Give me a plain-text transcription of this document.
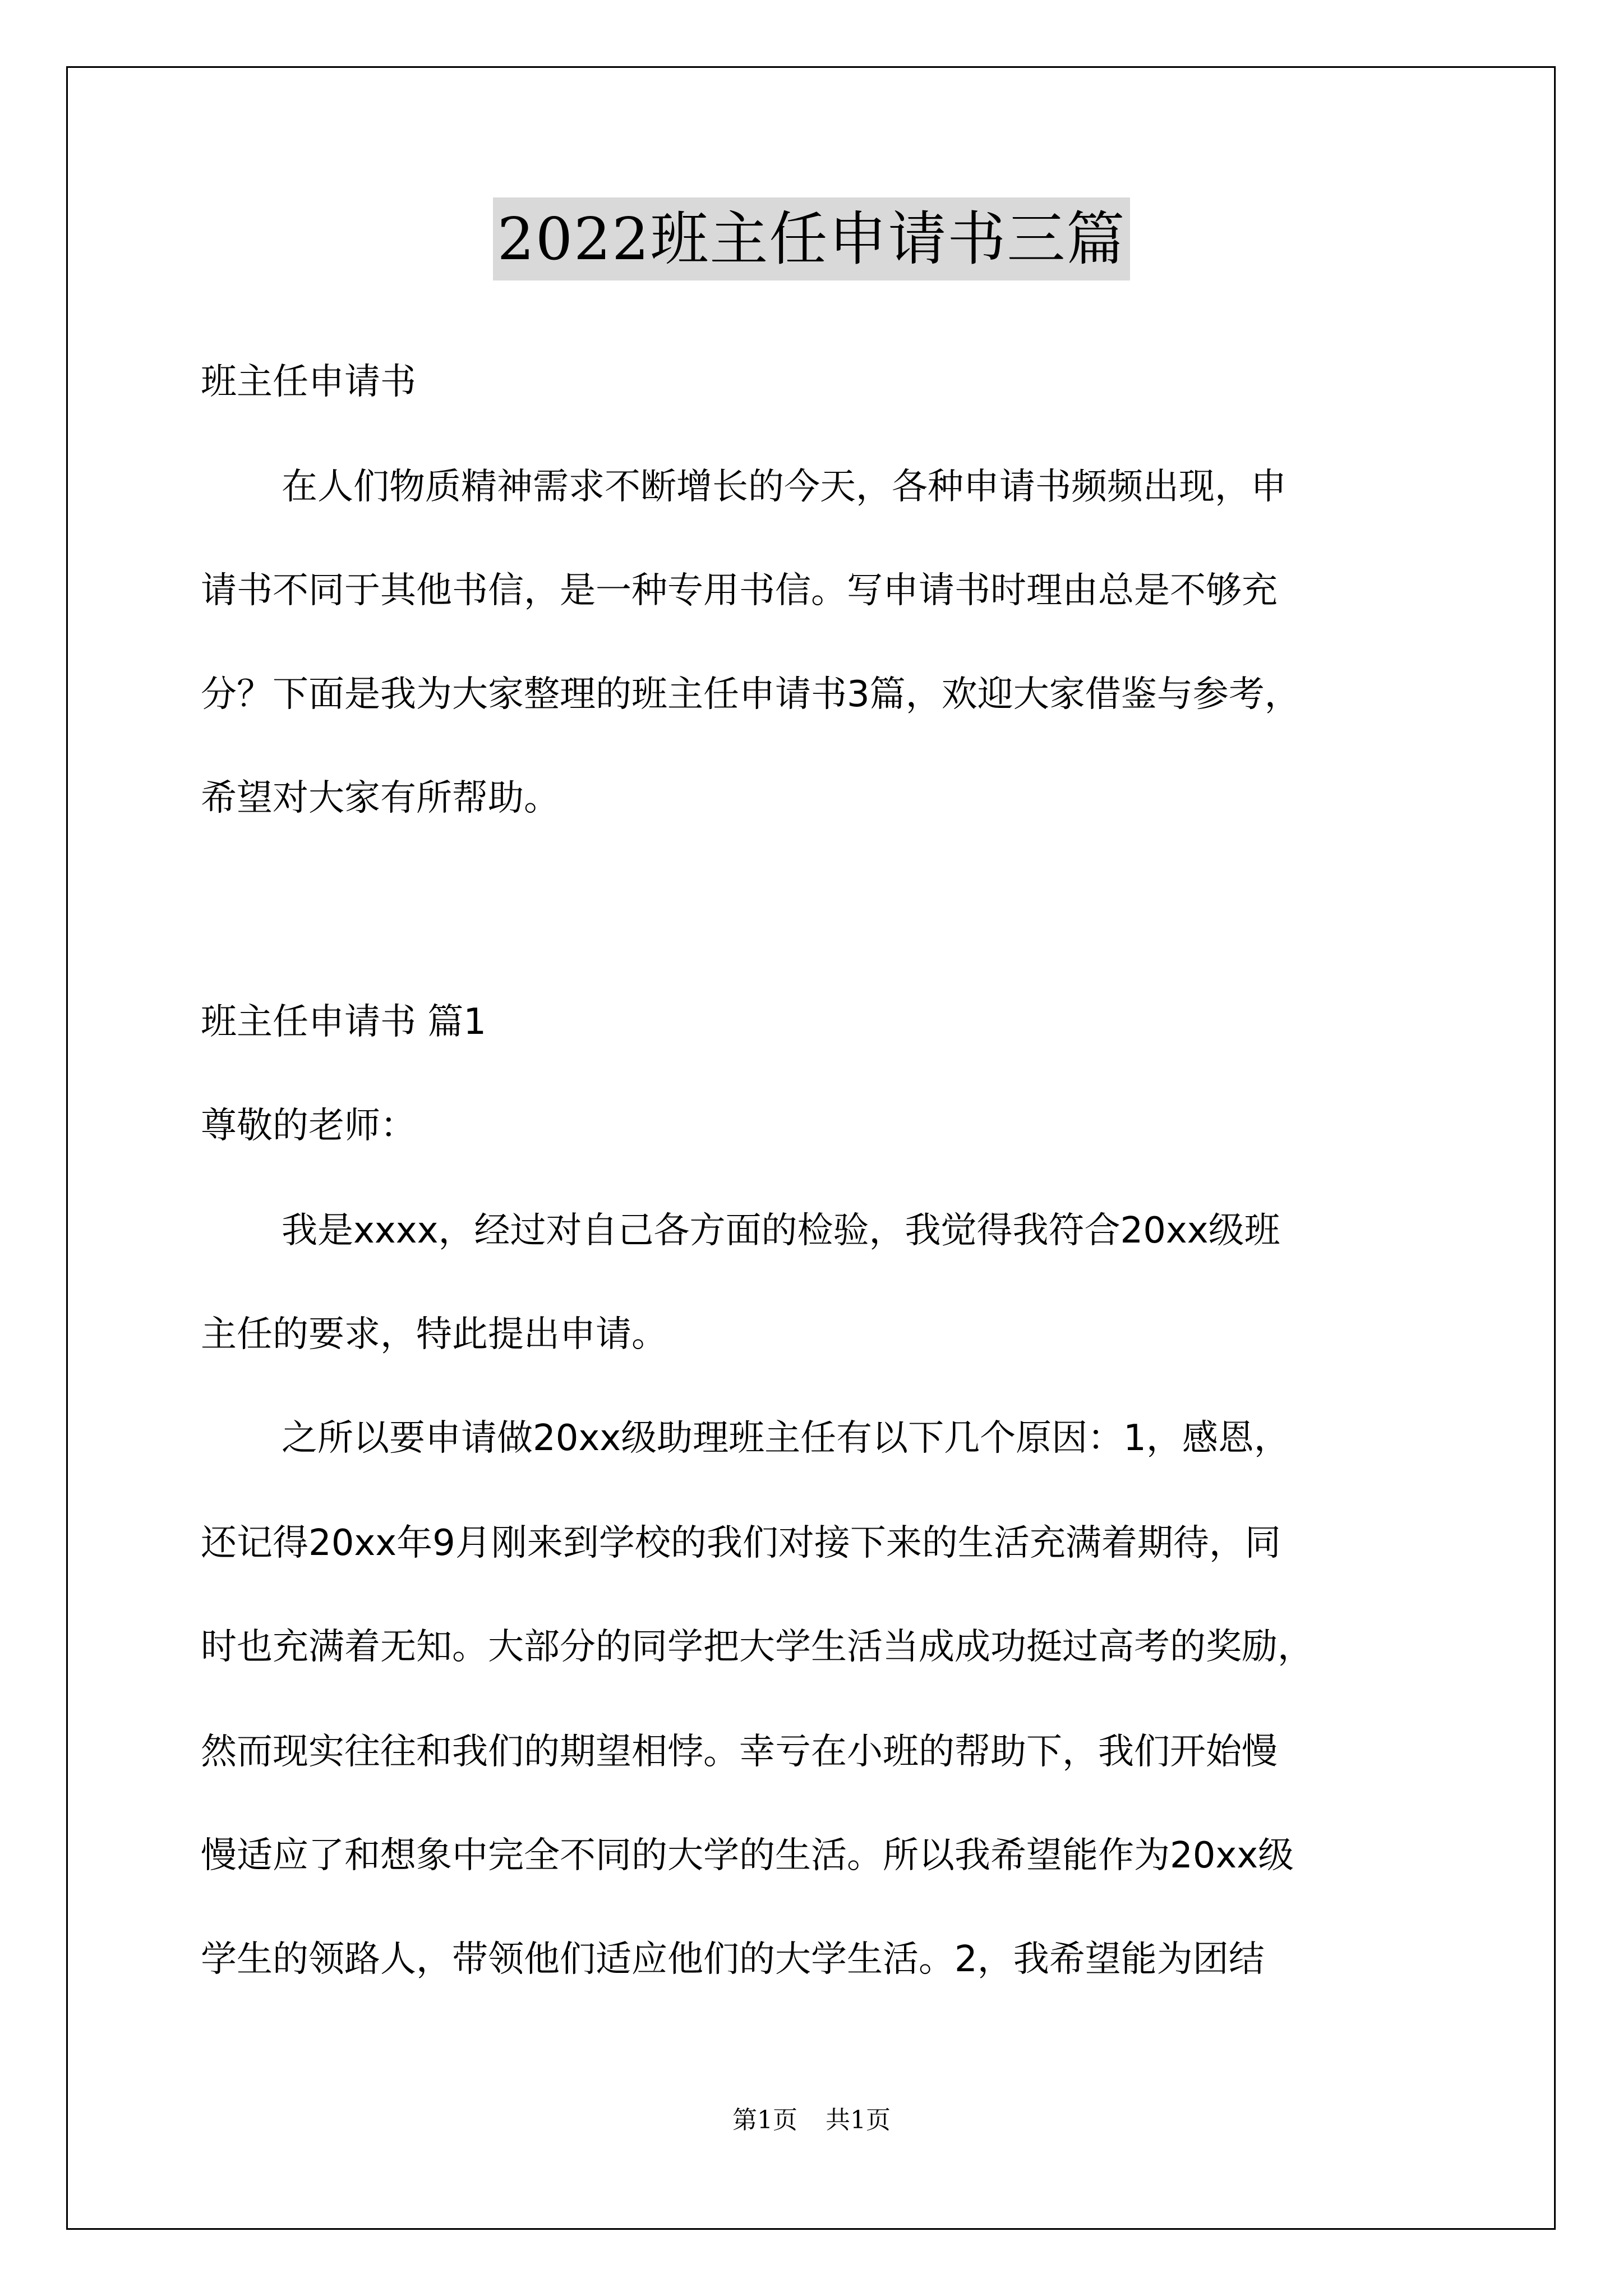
2022班主任申请书三篇

班主任申请书

在人们物质精神需求不断增长的今天，各种申请书频频出现，申

请书不同于其他书信，是一种专用书信。写申请书时理由总是不够充

分？下面是我为大家整理的班主任申请书3篇，欢迎大家借鉴与参考，

希望对大家有所帮助。

班主任申请书 篇1

尊敬的老师：

我是xxxx，经过对自己各方面的检验，我觉得我符合20xx级班

主任的要求，特此提出申请。

之所以要申请做20xx级助理班主任有以下几个原因：1，感恩，

还记得20xx年9月刚来到学校的我们对接下来的生活充满着期待，同

时也充满着无知。大部分的同学把大学生活当成成功挺过高考的奖励，

然而现实往往和我们的期望相悖。幸亏在小班的帮助下，我们开始慢

慢适应了和想象中完全不同的大学的生活。所以我希望能作为20xx级

学生的领路人，带领他们适应他们的大学生活。2，我希望能为团结

第1页 共1页
